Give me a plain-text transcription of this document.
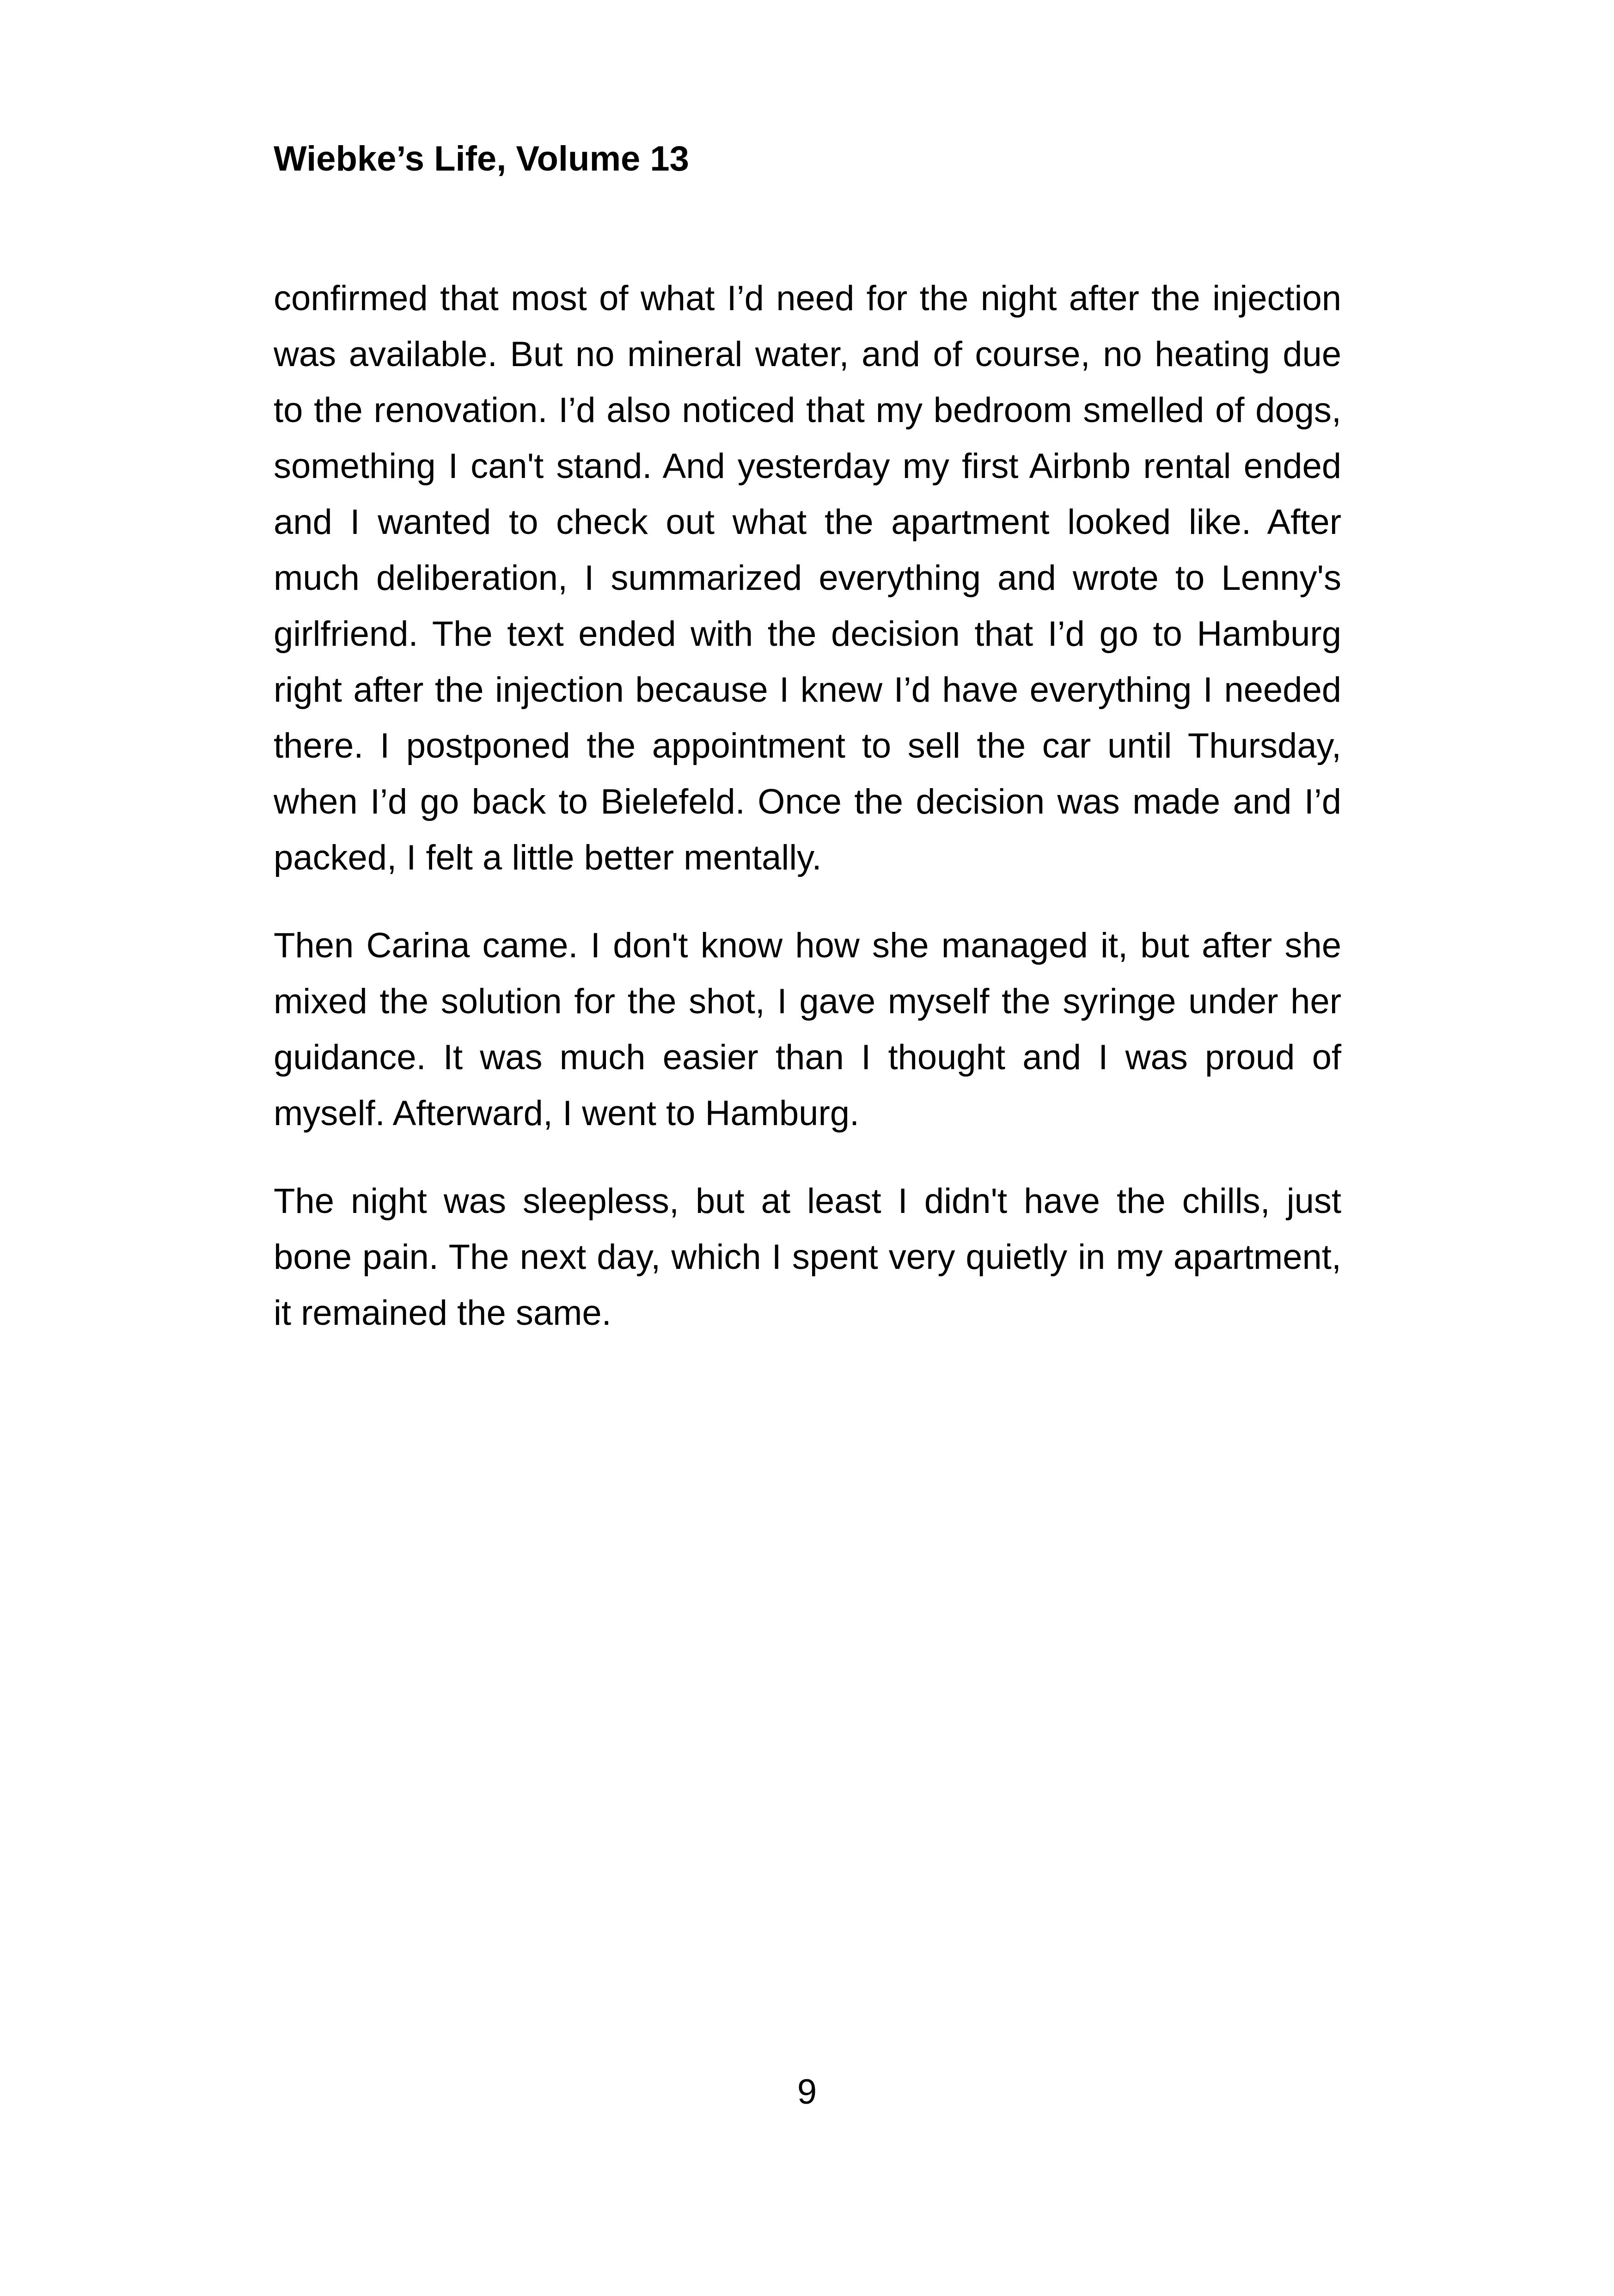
Wiebke’s Life, Volume 13

confirmed that most of what I’d need for the night after the injection was available. But no mineral water, and of course, no heating due to the renovation. I’d also noticed that my bedroom smelled of dogs, something I can't stand. And yesterday my first Airbnb rental ended and I wanted to check out what the apartment looked like. After much deliberation, I summarized everything and wrote to Lenny's girlfriend. The text ended with the decision that I’d go to Hamburg right after the injection because I knew I’d have everything I needed there. I postponed the appointment to sell the car until Thursday, when I’d go back to Bielefeld. Once the decision was made and I’d packed, I felt a little better mentally.

Then Carina came. I don't know how she managed it, but after she mixed the solution for the shot, I gave myself the syringe under her guidance. It was much easier than I thought and I was proud of myself. Afterward, I went to Hamburg.

The night was sleepless, but at least I didn't have the chills, just bone pain. The next day, which I spent very quietly in my apartment, it remained the same.

9
